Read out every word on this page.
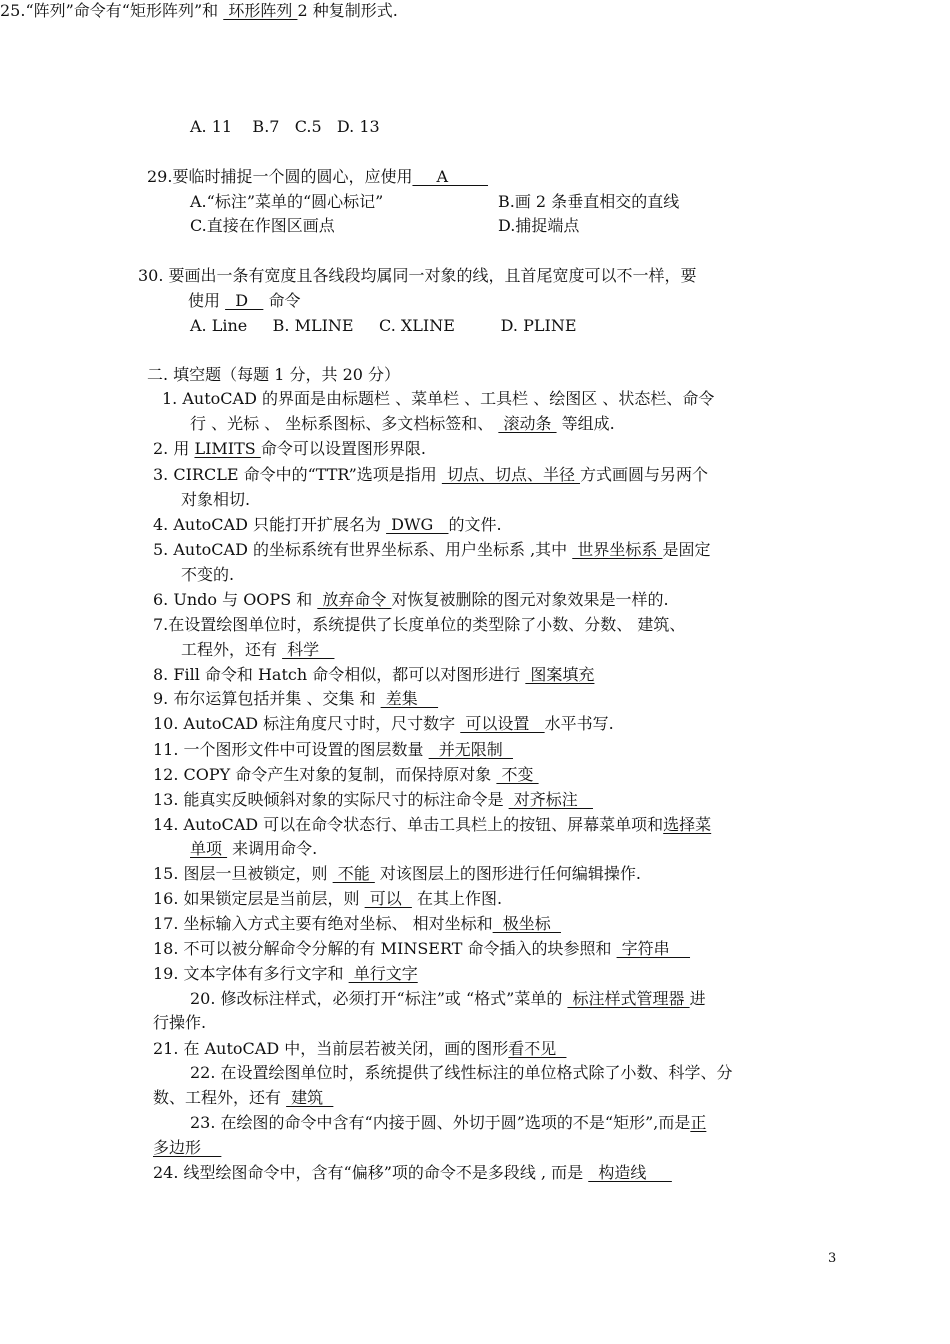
A. 11    B.7   C.5   D. 13
29.要临时捕捉一个圆的圆心，应使用___A_____
A.“标注”菜单的“圆心标记”	B.画 2 条垂直相交的直线
C.直接在作图区画点	D.捕捉端点
30. 要画出一条有宽度且各线段均属同一对象的线，且首尾宽度可以不一样，要
使用   D    命令
A. Line     B. MLINE     C. XLINE         D. PLINE
二. 填空题（每题 1 分，共 20 分）
1. AutoCAD 的界面是由标题栏 、菜单栏 、工具栏 、绘图区 、状态栏、命令
行 、光标 、 坐标系图标、多文档标签和、  滚动条  等组成.
2. 用 LIMITS 命令可以设置图形界限.
3. CIRCLE 命令中的“TTR”选项是指用  切点、切点、半径 方式画圆与另两个
对象相切.
4. AutoCAD 只能打开扩展名为  DWG   的文件.
5. AutoCAD 的坐标系统有世界坐标系、用户坐标系 ,其中  世界坐标系 是固定
不变的.
6. Undo 与 OOPS 和  放弃命令 对恢复被删除的图元对象效果是一样的.
7.在设置绘图单位时，系统提供了长度单位的类型除了小数、分数、 建筑、
工程外，还有  科学
8. Fill 命令和 Hatch 命令相似，都可以对图形进行  图案填充
9. 布尔运算包括并集 、交集 和  差集
10. AutoCAD 标注角度尺寸时，尺寸数字  可以设置   水平书写.
11. 一个图形文件中可设置的图层数量   并无限制
12. COPY 命令产生对象的复制，而保持原对象  不变
13. 能真实反映倾斜对象的实际尺寸的标注命令是  对齐标注
14. AutoCAD 可以在命令状态行、单击工具栏上的按钮、屏幕菜单项和选择菜
单项  来调用命令.
15. 图层一旦被锁定，则  不能  对该图层上的图形进行任何编辑操作.
16. 如果锁定层是当前层，则  可以   在其上作图.
17. 坐标输入方式主要有绝对坐标、 相对坐标和  极坐标
18. 不可以被分解命令分解的有 MINSERT 命令插入的块参照和  字符串
19. 文本字体有多行文字和  单行文字
20. 修改标注样式，必须打开“标注”或 “格式”菜单的  标注样式管理器 进
行操作.
21. 在 AutoCAD 中，当前层若被关闭，画的图形看不见
22. 在设置绘图单位时，系统提供了线性标注的单位格式除了小数、科学、分
数、工程外，还有  建筑
23. 在绘图的命令中含有“内接于圆、外切于圆”选项的不是“矩形”,而是正
多边形
24. 线型绘图命令中，含有“偏移”项的命令不是多段线 , 而是   构造线
25.“阵列”命令有“矩形阵列”和  环形阵列 2 种复制形式.
3
